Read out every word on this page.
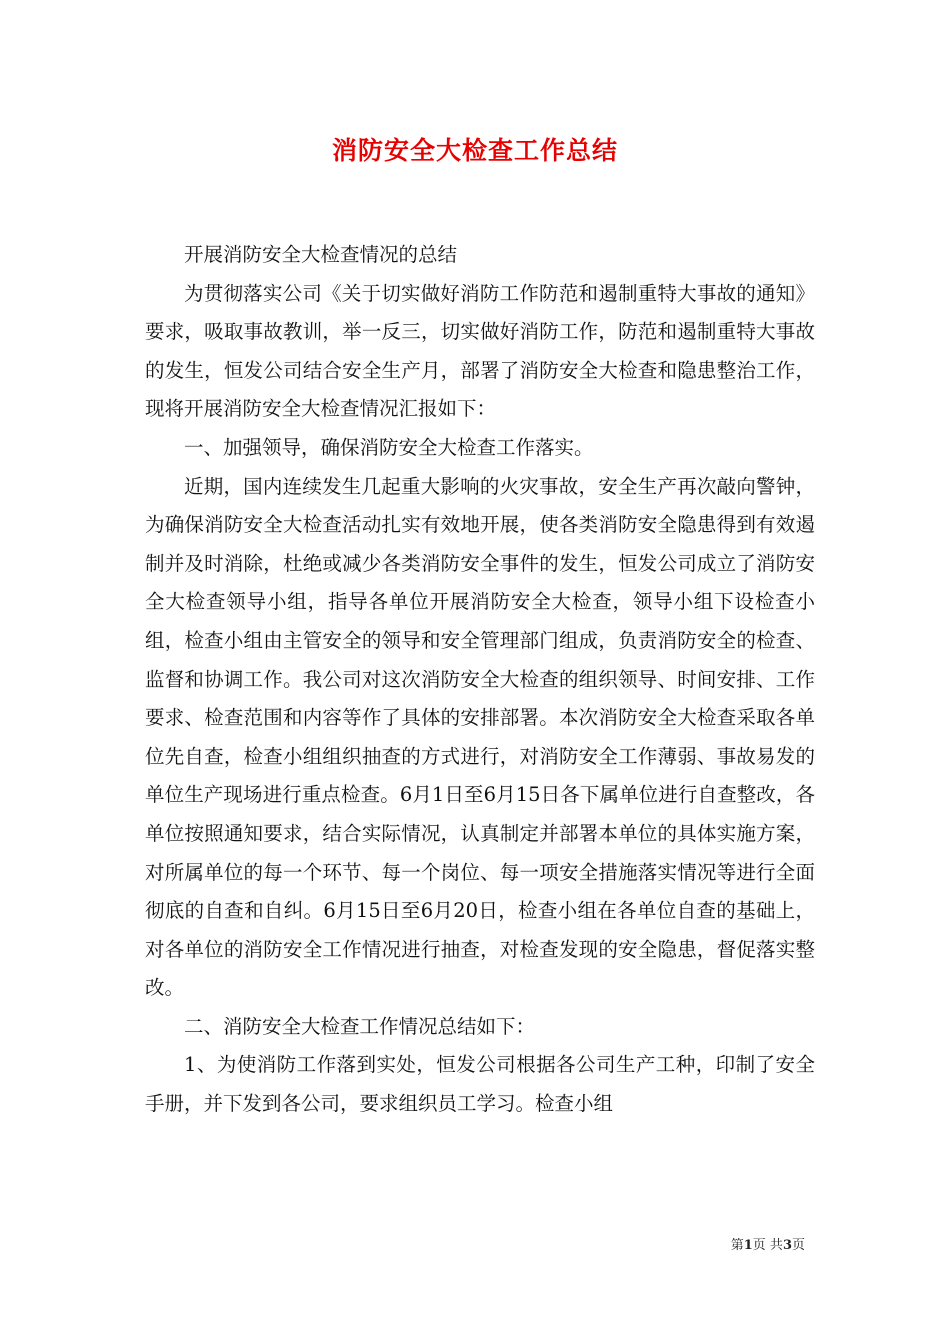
消防安全大检查工作总结

开展消防安全大检查情况的总结

为贯彻落实公司《关于切实做好消防工作防范和遏制重特大事故的通知》要求，吸取事故教训，举一反三，切实做好消防工作，防范和遏制重特大事故的发生，恒发公司结合安全生产月，部署了消防安全大检查和隐患整治工作，现将开展消防安全大检查情况汇报如下：

一、加强领导，确保消防安全大检查工作落实。

近期，国内连续发生几起重大影响的火灾事故，安全生产再次敲向警钟，为确保消防安全大检查活动扎实有效地开展，使各类消防安全隐患得到有效遏制并及时消除，杜绝或减少各类消防安全事件的发生，恒发公司成立了消防安全大检查领导小组，指导各单位开展消防安全大检查，领导小组下设检查小组，检查小组由主管安全的领导和安全管理部门组成，负责消防安全的检查、监督和协调工作。我公司对这次消防安全大检查的组织领导、时间安排、工作要求、检查范围和内容等作了具体的安排部署。本次消防安全大检查采取各单位先自查，检查小组组织抽查的方式进行，对消防安全工作薄弱、事故易发的单位生产现场进行重点检查。6月1日至6月15日各下属单位进行自查整改，各单位按照通知要求，结合实际情况，认真制定并部署本单位的具体实施方案，对所属单位的每一个环节、每一个岗位、每一项安全措施落实情况等进行全面彻底的自查和自纠。6月15日至6月20日，检查小组在各单位自查的基础上，对各单位的消防安全工作情况进行抽查，对检查发现的安全隐患，督促落实整改。

二、消防安全大检查工作情况总结如下：

1、为使消防工作落到实处，恒发公司根据各公司生产工种，印制了安全手册，并下发到各公司，要求组织员工学习。检查小组

第1页 共3页
